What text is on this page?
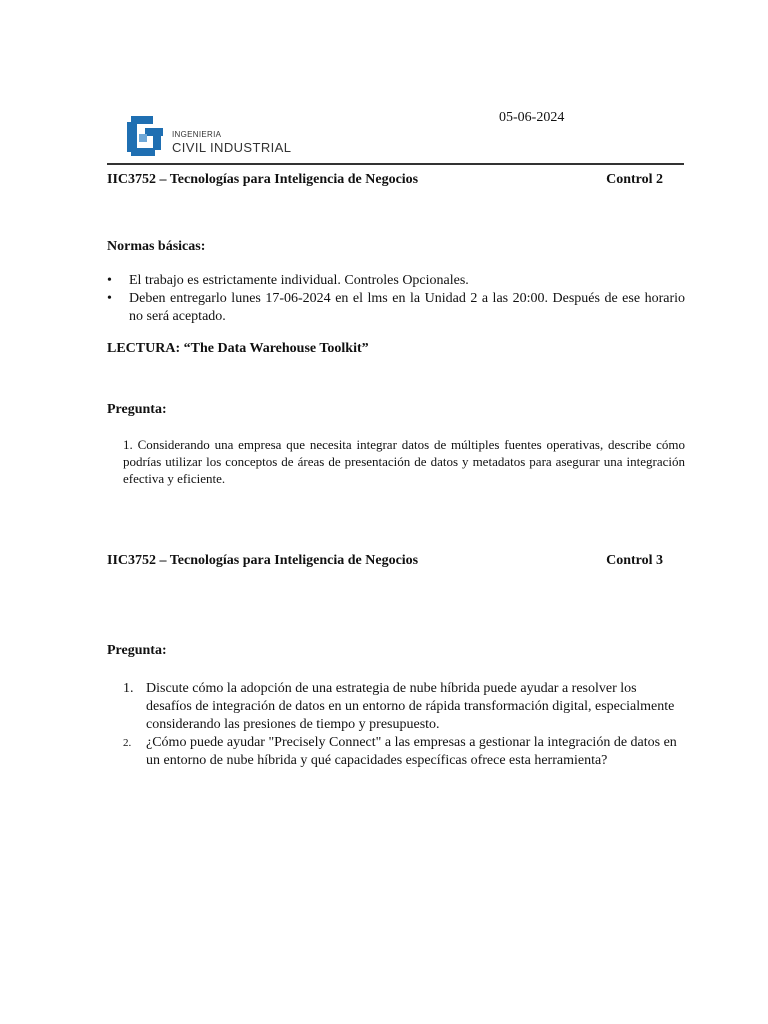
INGENIERIA
CIVIL INDUSTRIAL
05-06-2024
IIC3752 – Tecnologías para Inteligencia de Negocios	Control 2
Normas básicas:
• El trabajo es estrictamente individual. Controles Opcionales.
• Deben entregarlo lunes 17-06-2024 en el lms en la Unidad 2 a las 20:00. Después de ese horario no será aceptado.
LECTURA: “The Data Warehouse Toolkit”
Pregunta:
1. Considerando una empresa que necesita integrar datos de múltiples fuentes operativas, describe cómo podrías utilizar los conceptos de áreas de presentación de datos y metadatos para asegurar una integración efectiva y eficiente.
IIC3752 – Tecnologías para Inteligencia de Negocios	Control 3
Pregunta:
1. Discute cómo la adopción de una estrategia de nube híbrida puede ayudar a resolver los desafíos de integración de datos en un entorno de rápida transformación digital, especialmente considerando las presiones de tiempo y presupuesto.
2. ¿Cómo puede ayudar "Precisely Connect" a las empresas a gestionar la integración de datos en un entorno de nube híbrida y qué capacidades específicas ofrece esta herramienta?
